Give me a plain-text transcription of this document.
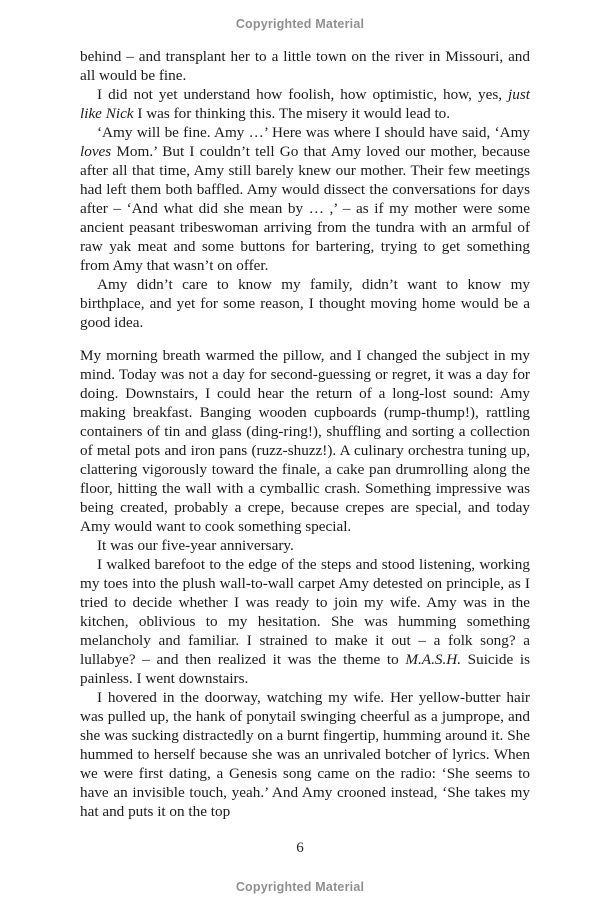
Copyrighted Material

behind – and transplant her to a little town on the river in Missouri, and all would be fine.

I did not yet understand how foolish, how optimistic, how, yes, just like Nick I was for thinking this. The misery it would lead to.

‘Amy will be fine. Amy …’ Here was where I should have said, ‘Amy loves Mom.’ But I couldn’t tell Go that Amy loved our mother, because after all that time, Amy still barely knew our mother. Their few meetings had left them both baffled. Amy would dissect the conversations for days after – ‘And what did she mean by … ,’ – as if my mother were some ancient peasant tribeswoman arriving from the tundra with an armful of raw yak meat and some buttons for bartering, trying to get something from Amy that wasn’t on offer.

Amy didn’t care to know my family, didn’t want to know my birthplace, and yet for some reason, I thought moving home would be a good idea.

My morning breath warmed the pillow, and I changed the subject in my mind. Today was not a day for second-guessing or regret, it was a day for doing. Downstairs, I could hear the return of a long-lost sound: Amy making breakfast. Banging wooden cupboards (rump-thump!), rattling containers of tin and glass (ding-ring!), shuffling and sorting a collection of metal pots and iron pans (ruzz-shuzz!). A culinary orchestra tuning up, clattering vigorously toward the finale, a cake pan drumrolling along the floor, hitting the wall with a cymballic crash. Something impressive was being created, probably a crepe, because crepes are special, and today Amy would want to cook something special.

It was our five-year anniversary.

I walked barefoot to the edge of the steps and stood listening, working my toes into the plush wall-to-wall carpet Amy detested on principle, as I tried to decide whether I was ready to join my wife. Amy was in the kitchen, oblivious to my hesitation. She was humming something melancholy and familiar. I strained to make it out – a folk song? a lullabye? – and then realized it was the theme to M.A.S.H. Suicide is painless. I went downstairs.

I hovered in the doorway, watching my wife. Her yellow-butter hair was pulled up, the hank of ponytail swinging cheerful as a jumprope, and she was sucking distractedly on a burnt fingertip, humming around it. She hummed to herself because she was an unrivaled botcher of lyrics. When we were first dating, a Genesis song came on the radio: ‘She seems to have an invisible touch, yeah.’ And Amy crooned instead, ‘She takes my hat and puts it on the top

6
Copyrighted Material
